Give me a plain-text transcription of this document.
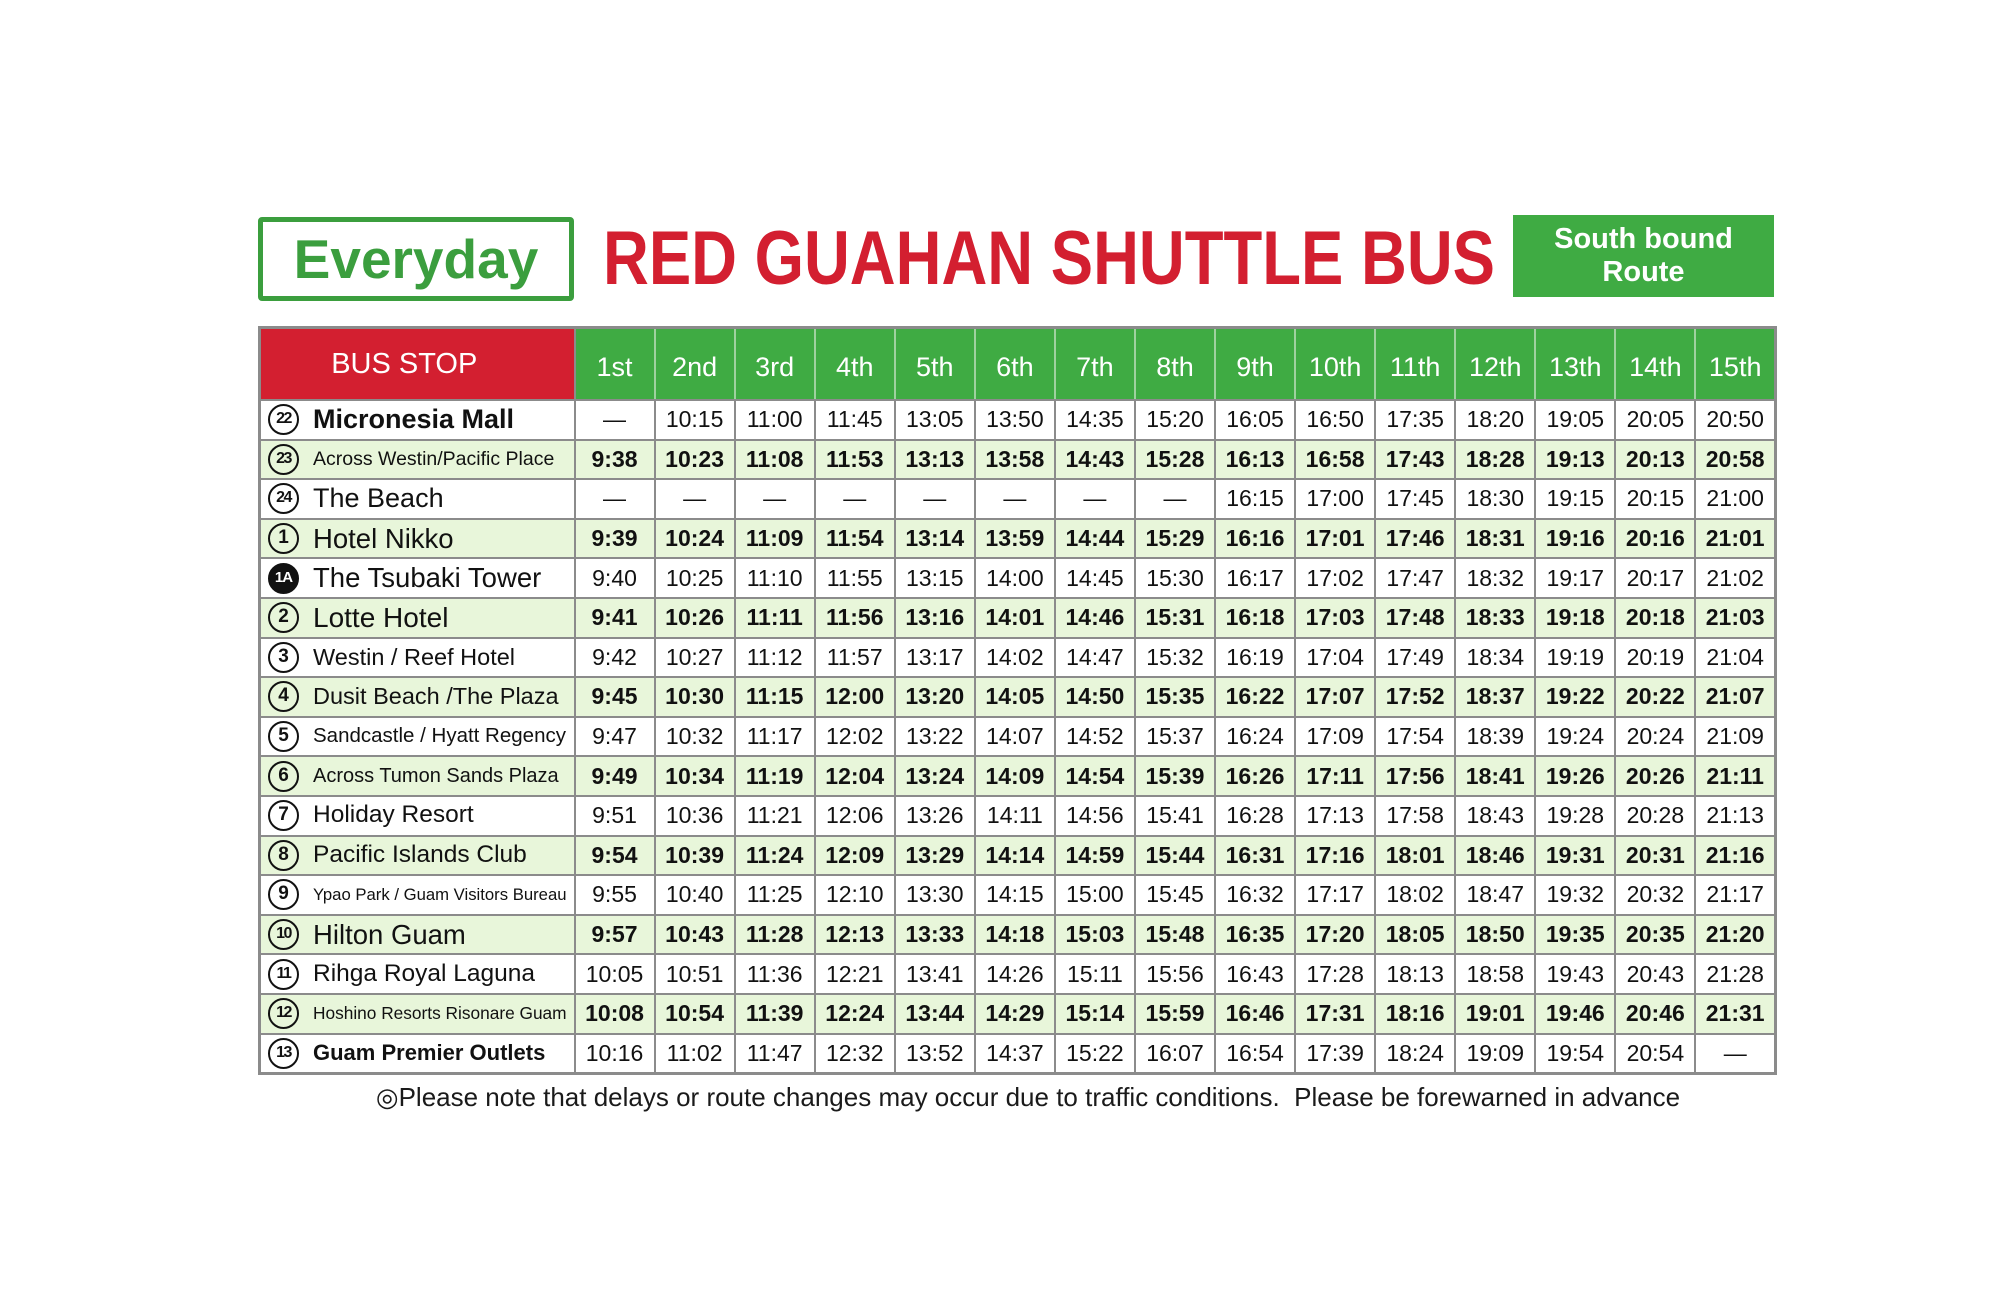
Everyday RED GUAHAN SHUTTLE BUS South bound
Route
BUS STOP	1st	2nd	3rd	4th	5th	6th	7th	8th	9th	10th	11th	12th	13th	14th	15th
22 Micronesia Mall	—	10:15	11:00	11:45	13:05	13:50	14:35	15:20	16:05	16:50	17:35	18:20	19:05	20:05	20:50
23 Across Westin/Pacific Place	9:38	10:23	11:08	11:53	13:13	13:58	14:43	15:28	16:13	16:58	17:43	18:28	19:13	20:13	20:58
24 The Beach	—	—	—	—	—	—	—	—	16:15	17:00	17:45	18:30	19:15	20:15	21:00
1 Hotel Nikko	9:39	10:24	11:09	11:54	13:14	13:59	14:44	15:29	16:16	17:01	17:46	18:31	19:16	20:16	21:01
1A The Tsubaki Tower	9:40	10:25	11:10	11:55	13:15	14:00	14:45	15:30	16:17	17:02	17:47	18:32	19:17	20:17	21:02
2 Lotte Hotel	9:41	10:26	11:11	11:56	13:16	14:01	14:46	15:31	16:18	17:03	17:48	18:33	19:18	20:18	21:03
3 Westin / Reef Hotel	9:42	10:27	11:12	11:57	13:17	14:02	14:47	15:32	16:19	17:04	17:49	18:34	19:19	20:19	21:04
4 Dusit Beach /The Plaza	9:45	10:30	11:15	12:00	13:20	14:05	14:50	15:35	16:22	17:07	17:52	18:37	19:22	20:22	21:07
5 Sandcastle / Hyatt Regency	9:47	10:32	11:17	12:02	13:22	14:07	14:52	15:37	16:24	17:09	17:54	18:39	19:24	20:24	21:09
6 Across Tumon Sands Plaza	9:49	10:34	11:19	12:04	13:24	14:09	14:54	15:39	16:26	17:11	17:56	18:41	19:26	20:26	21:11
7 Holiday Resort	9:51	10:36	11:21	12:06	13:26	14:11	14:56	15:41	16:28	17:13	17:58	18:43	19:28	20:28	21:13
8 Pacific Islands Club	9:54	10:39	11:24	12:09	13:29	14:14	14:59	15:44	16:31	17:16	18:01	18:46	19:31	20:31	21:16
9 Ypao Park / Guam Visitors Bureau	9:55	10:40	11:25	12:10	13:30	14:15	15:00	15:45	16:32	17:17	18:02	18:47	19:32	20:32	21:17
10 Hilton Guam	9:57	10:43	11:28	12:13	13:33	14:18	15:03	15:48	16:35	17:20	18:05	18:50	19:35	20:35	21:20
11 Rihga Royal Laguna	10:05	10:51	11:36	12:21	13:41	14:26	15:11	15:56	16:43	17:28	18:13	18:58	19:43	20:43	21:28
12 Hoshino Resorts Risonare Guam	10:08	10:54	11:39	12:24	13:44	14:29	15:14	15:59	16:46	17:31	18:16	19:01	19:46	20:46	21:31
13 Guam Premier Outlets	10:16	11:02	11:47	12:32	13:52	14:37	15:22	16:07	16:54	17:39	18:24	19:09	19:54	20:54	—
◎Please note that delays or route changes may occur due to traffic conditions.  Please be forewarned in advance
